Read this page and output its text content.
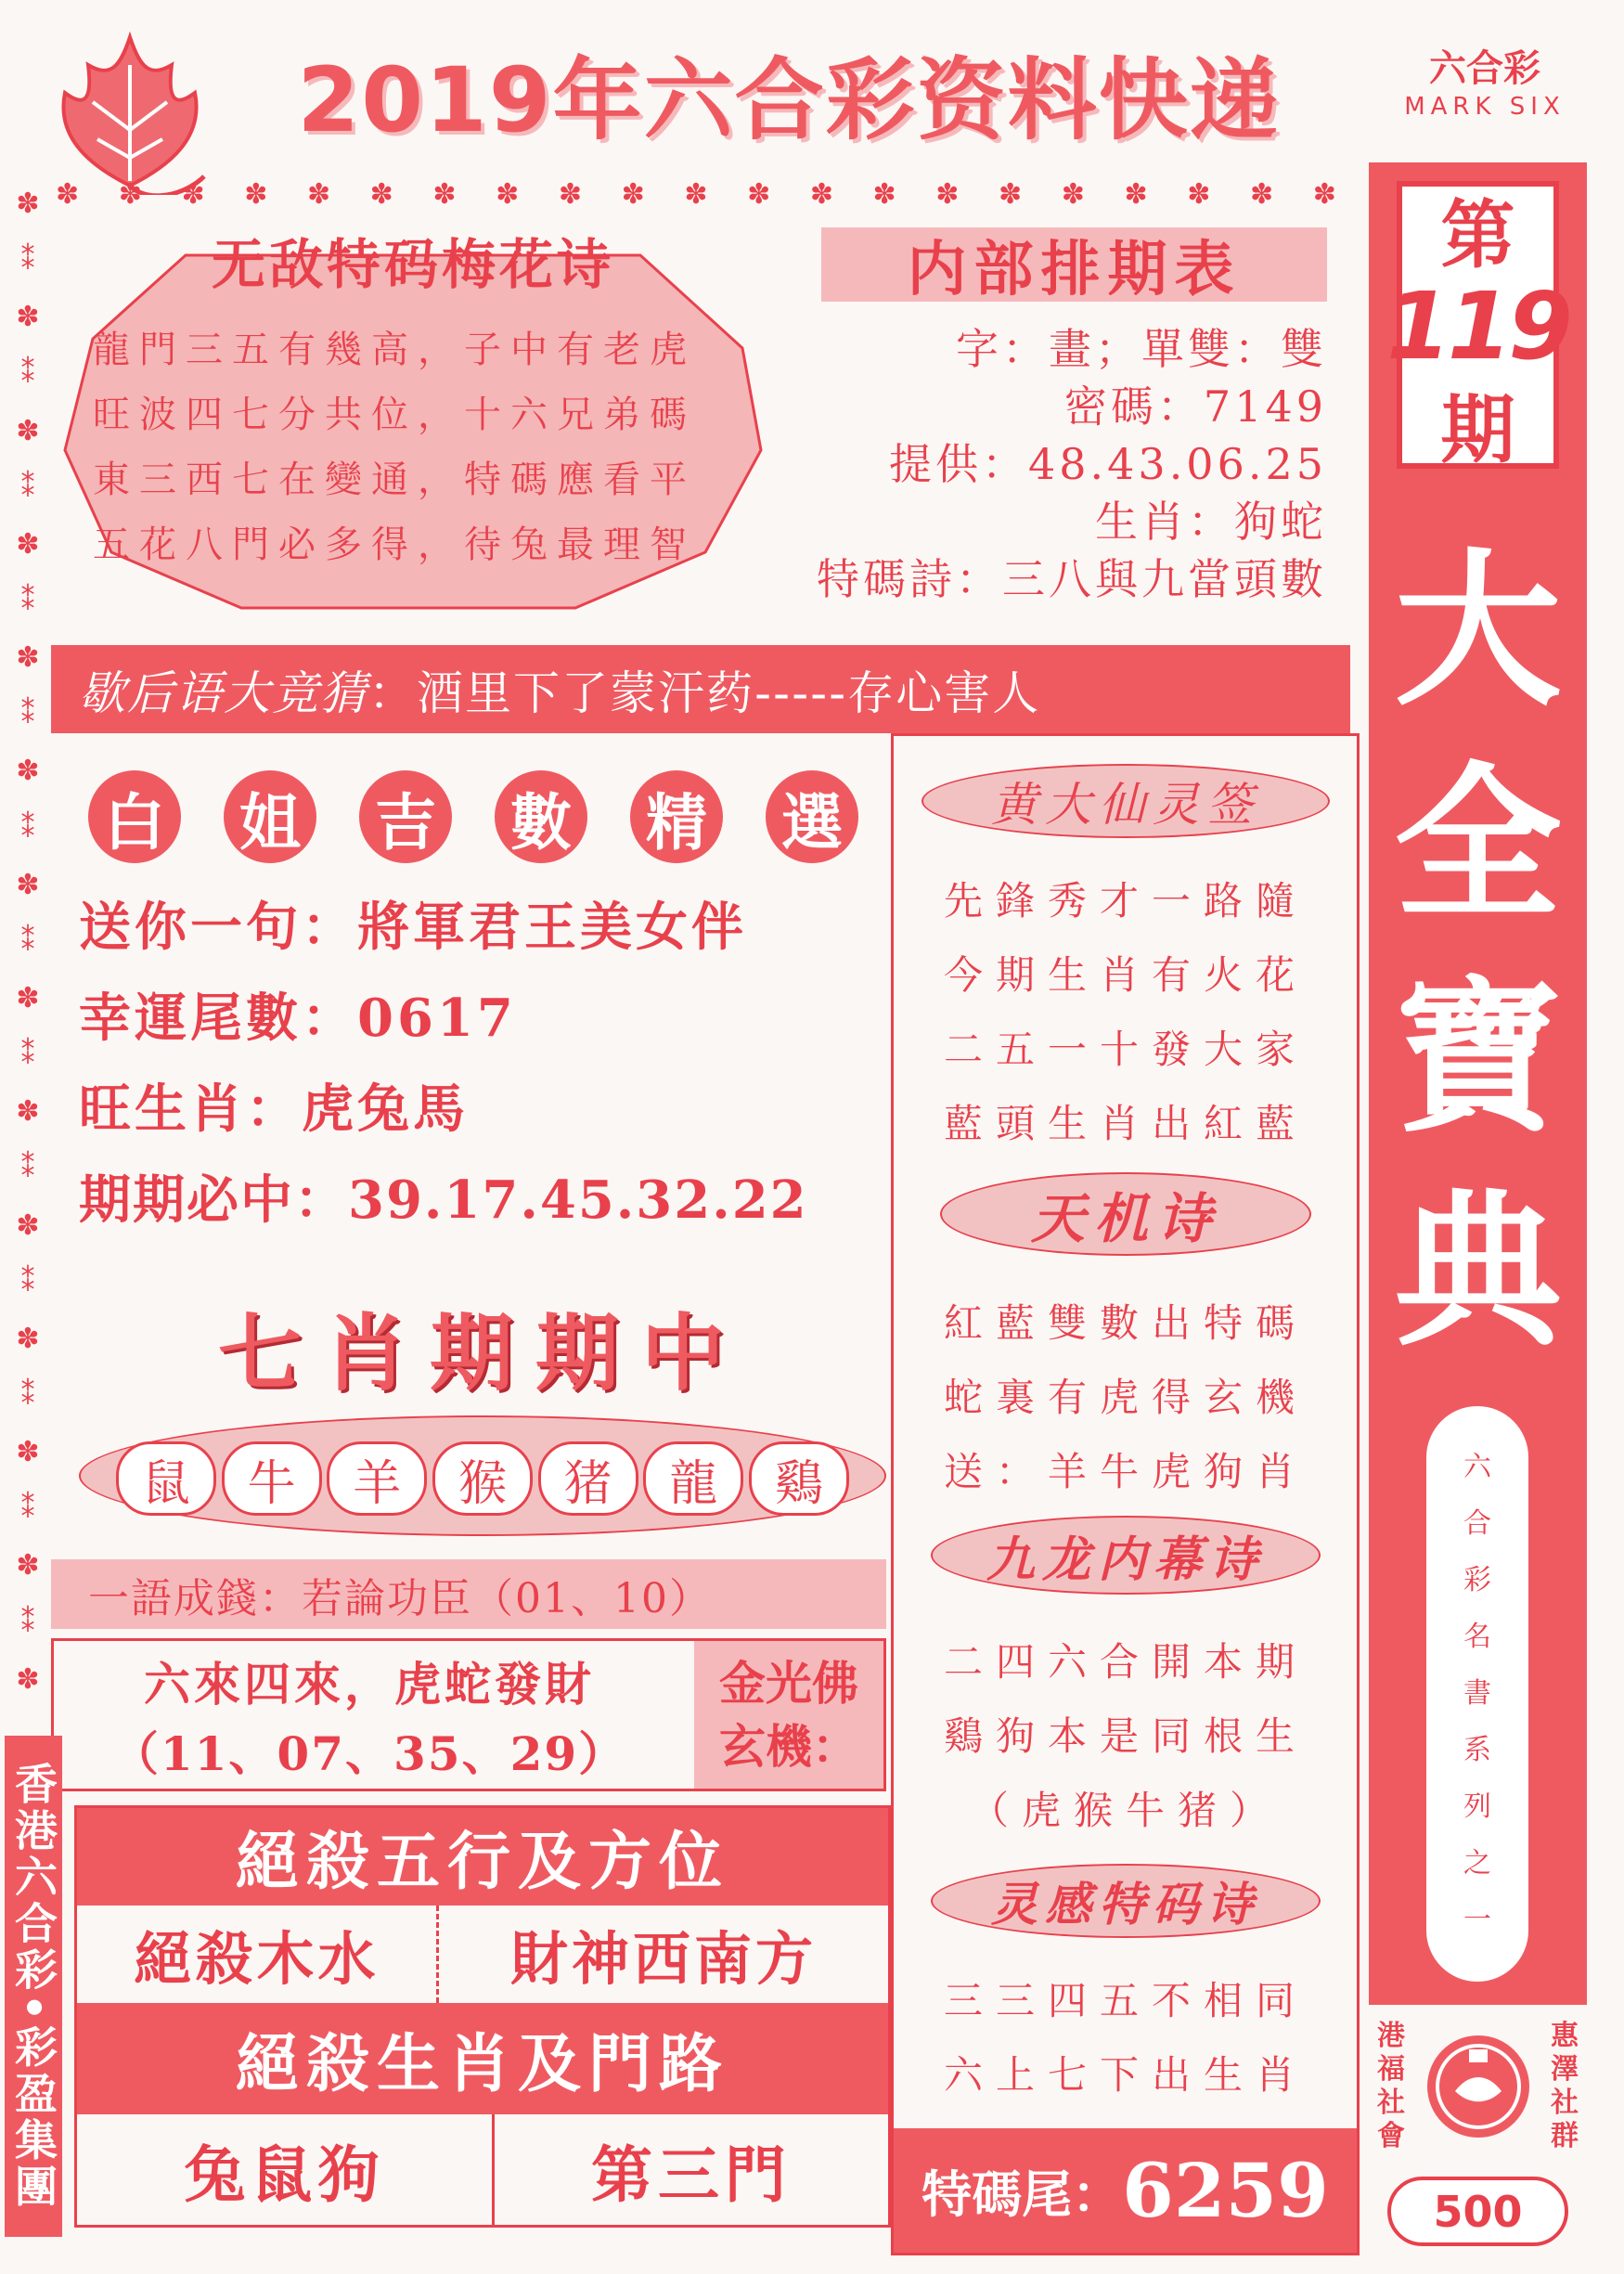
2019年六合彩资料快递	六合彩
MARK SIX
✽ ✽ ✽ ✽ ✽ ✽ ✽ ✽ ✽ ✽ ✽ ✽ ✽ ✽ ✽ ✽ ✽ ✽ ✽ ✽ ✽
✽
⁑
✽
⁑
✽
⁑
✽
⁑
✽
⁑
✽
⁑
✽
⁑
✽
⁑
✽
⁑
✽
⁑
✽
⁑
✽
⁑
✽
⁑
✽
无敌特码梅花诗
龍門三五有幾高，子中有老虎
旺波四七分共位，十六兄弟碼
東三西七在變通，特碼應看平
五花八門必多得，待兔最理智
内部排期表
字：畫；單雙：雙
密碼：7149
提供：48.43.06.25
生肖：狗蛇
特碼詩：三八與九當頭數
歇后语大竞猜 ：酒里下了蒙汗药-----存心害人
白 姐 吉 數 精 選
送你一句：將軍君王美女伴
幸運尾數：0617
旺生肖：虎兔馬
期期必中：39.17.45.32.22
七肖期期中
鼠	牛	羊	猴	猪	龍	鷄
一語成錢：若論功臣（01、10）
六來四來，虎蛇發財
（11、07、35、29）
金光佛玄機：
絕殺五行及方位
絕殺木水	財神西南方
絕殺生肖及門路
兔鼠狗	第三門
香港六合彩•彩盈集團
黄大仙灵签
先鋒秀才一路隨
今期生肖有火花
二五一十發大家
藍頭生肖出紅藍
天机诗
紅藍雙數出特碼
蛇裏有虎得玄機
送：羊牛虎狗肖
九龙内幕诗
二四六合開本期
鷄狗本是同根生
（虎猴牛猪）
灵感特码诗
三三四五不相同
六上七下出生肖
特碼尾： 6259
第
119
期
大
全
寶
典
六
合
彩
名
書
系
列
之
一
港福社會
惠澤社群
500
